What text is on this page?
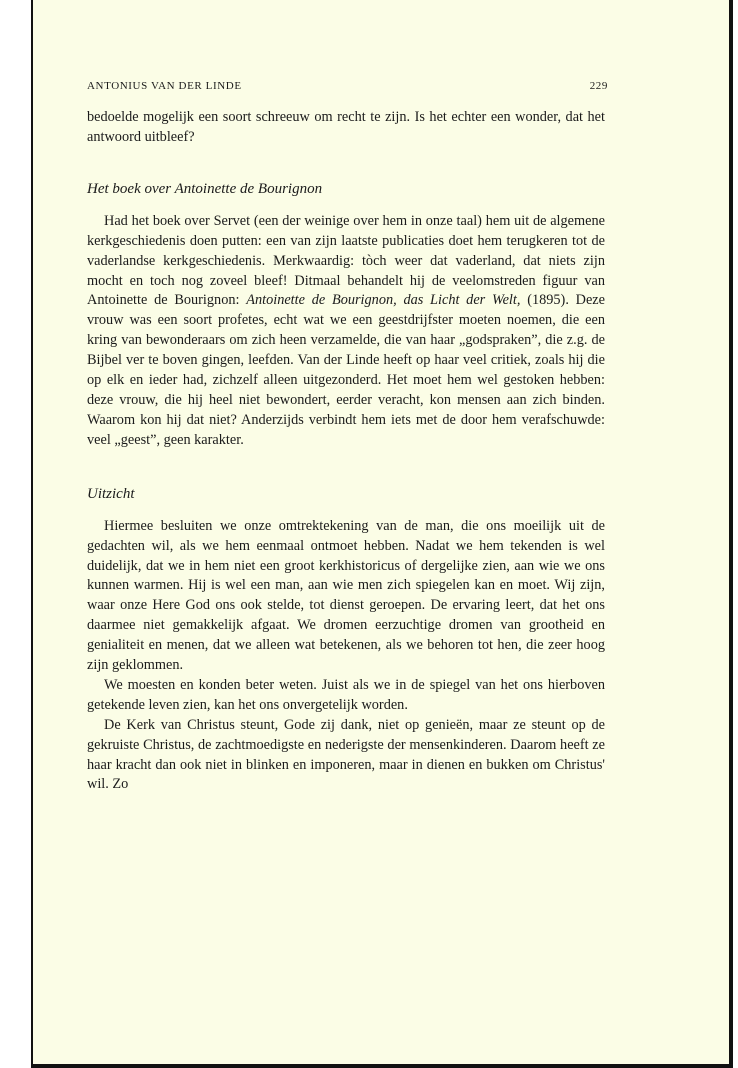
ANTONIUS VAN DER LINDE	229

bedoelde mogelijk een soort schreeuw om recht te zijn. Is het echter een wonder, dat het antwoord uitbleef?

Het boek over Antoinette de Bourignon

Had het boek over Servet (een der weinige over hem in onze taal) hem uit de algemene kerkgeschiedenis doen putten: een van zijn laatste publicaties doet hem terugkeren tot de vaderlandse kerkgeschiedenis. Merkwaardig: tòch weer dat vaderland, dat niets zijn mocht en toch nog zoveel bleef! Ditmaal behandelt hij de veelomstreden figuur van Antoinette de Bourignon: Antoinette de Bourignon, das Licht der Welt, (1895). Deze vrouw was een soort profetes, echt wat we een geestdrijfster moeten noemen, die een kring van bewonderaars om zich heen verzamelde, die van haar „godspraken”, die z.g. de Bijbel ver te boven gingen, leefden. Van der Linde heeft op haar veel critiek, zoals hij die op elk en ieder had, zichzelf alleen uitgezonderd. Het moet hem wel gestoken hebben: deze vrouw, die hij heel niet bewondert, eerder veracht, kon mensen aan zich binden. Waarom kon hij dat niet? Anderzijds verbindt hem iets met de door hem verafschuwde: veel „geest”, geen karakter.

Uitzicht

Hiermee besluiten we onze omtrektekening van de man, die ons moeilijk uit de gedachten wil, als we hem eenmaal ontmoet hebben. Nadat we hem tekenden is wel duidelijk, dat we in hem niet een groot kerkhistoricus of dergelijke zien, aan wie we ons kunnen warmen. Hij is wel een man, aan wie men zich spiegelen kan en moet. Wij zijn, waar onze Here God ons ook stelde, tot dienst geroepen. De ervaring leert, dat het ons daarmee niet gemakkelijk afgaat. We dromen eerzuchtige dromen van grootheid en genialiteit en menen, dat we alleen wat betekenen, als we behoren tot hen, die zeer hoog zijn geklommen.

We moesten en konden beter weten. Juist als we in de spiegel van het ons hierboven getekende leven zien, kan het ons onvergetelijk worden.

De Kerk van Christus steunt, Gode zij dank, niet op genieën, maar ze steunt op de gekruiste Christus, de zachtmoedigste en nederigste der mensenkinderen. Daarom heeft ze haar kracht dan ook niet in blinken en imponeren, maar in dienen en bukken om Christus' wil. Zo
